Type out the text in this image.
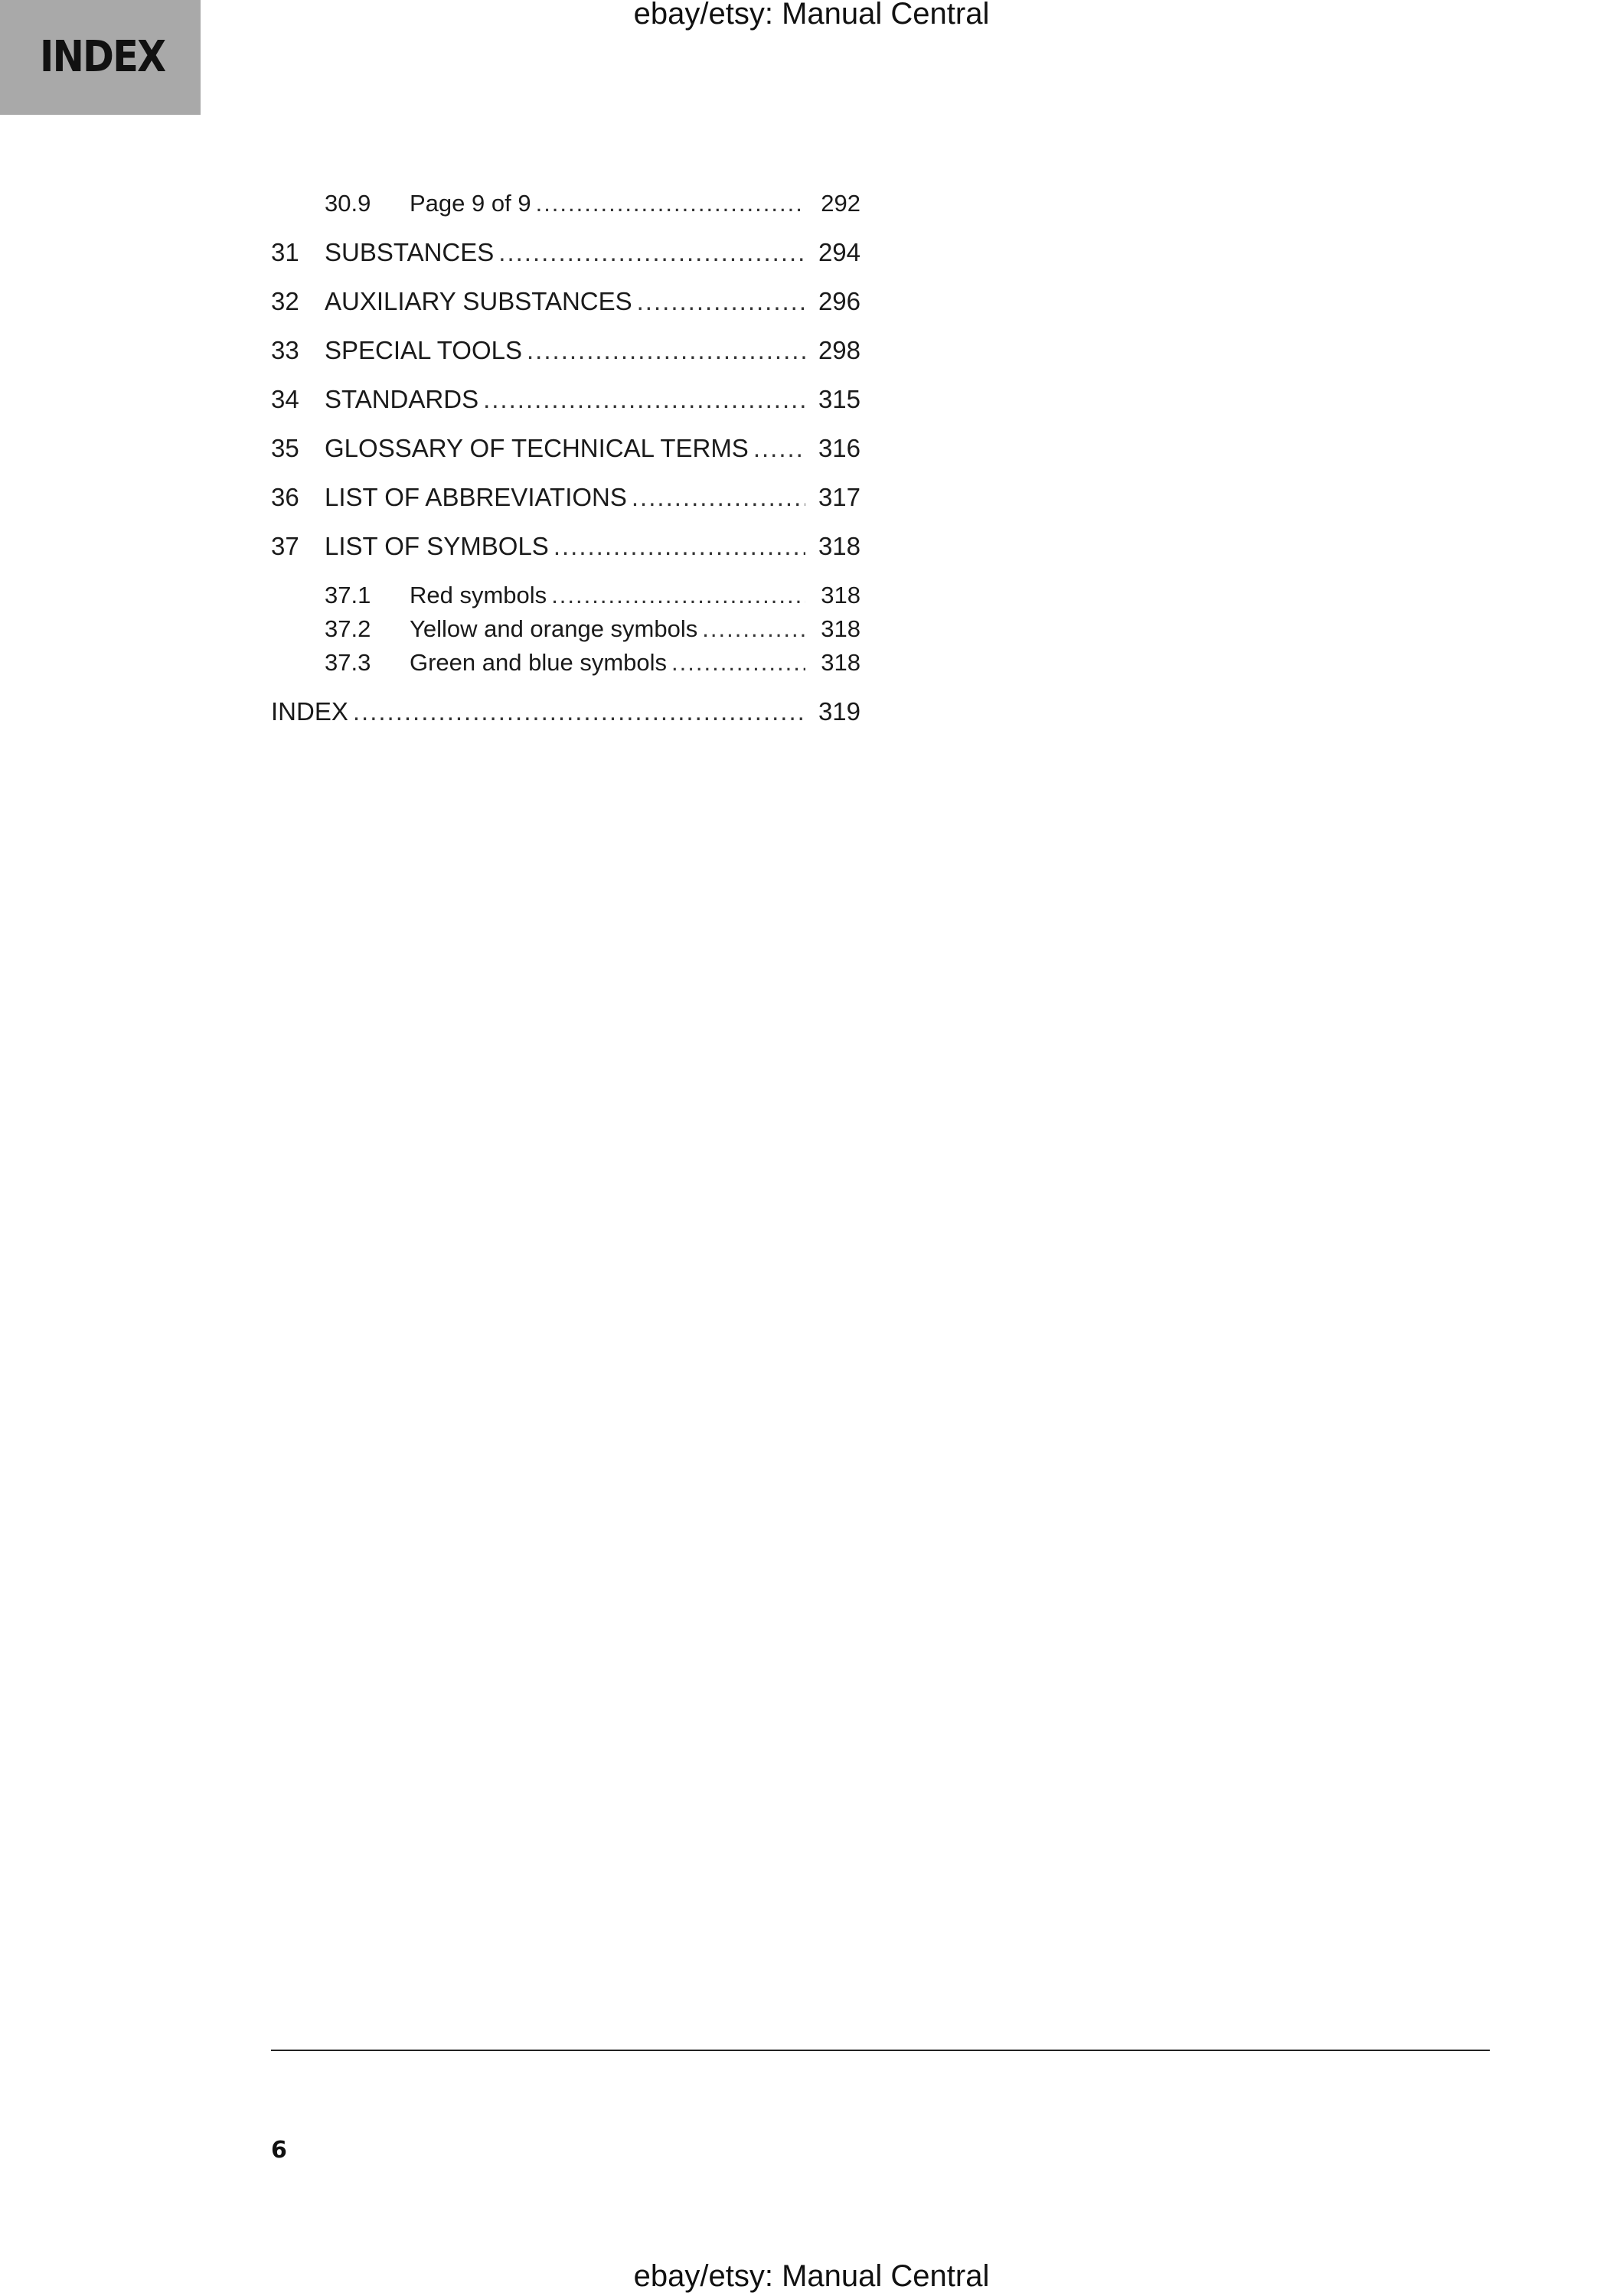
INDEX
ebay/etsy: Manual Central
30.9	Page 9 of 9 .....	292
31	SUBSTANCES .....	294
32	AUXILIARY SUBSTANCES .....	296
33	SPECIAL TOOLS .....	298
34	STANDARDS .....	315
35	GLOSSARY OF TECHNICAL TERMS .....	316
36	LIST OF ABBREVIATIONS .....	317
37	LIST OF SYMBOLS .....	318
37.1	Red symbols .....	318
37.2	Yellow and orange symbols .....	318
37.3	Green and blue symbols .....	318
INDEX .....	319
6
ebay/etsy: Manual Central
